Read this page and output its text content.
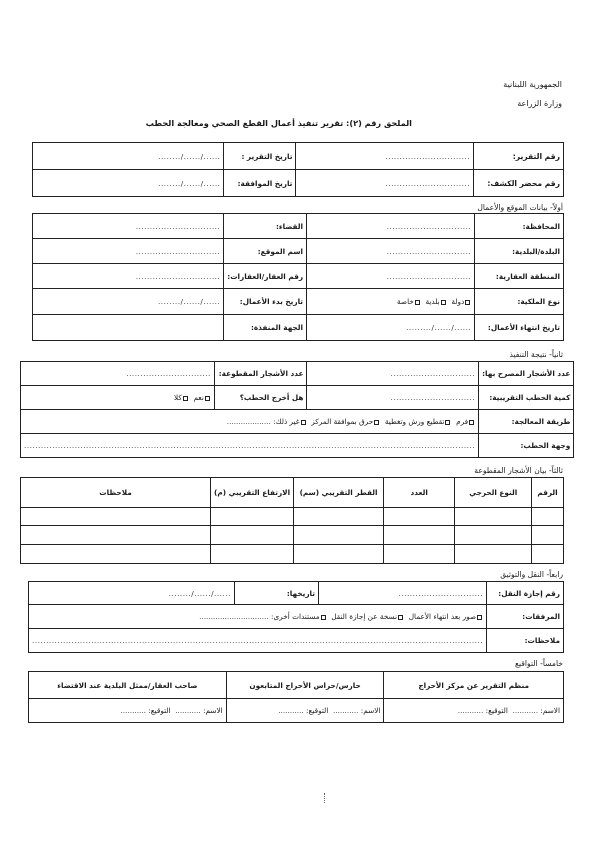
الجمهورية اللبنانية
وزارة الزراعة
الملحق رقم (٢): تقرير تنفيذ أعمال القطع الصحي ومعالجة الحطب
رقم التقرير:	..............................	تاريخ التقرير :	....../....../........
رقم محضر الكشف:	..............................	تاريخ الموافقة:	....../....../........
أولاً- بيانات الموقع والأعمال
المحافظة:	..............................	القضاء:	..............................
البلدة/البلدية:	..............................	اسم الموقع:	..............................
المنطقة العقارية:	..............................	رقم العقار/العقارات:	..............................
نوع الملكية:	دولة  بلدية  خاصة	تاريخ بدء الأعمال:	....../....../........
تاريخ انتهاء الأعمال:	....../....../.........	الجهة المنفذة:	
ثانياً- نتيجة التنفيذ
عدد الأشجار المصرح بها:	..............................	عدد الأشجار المقطوعة:	..............................
كمية الحطب التقريبية:	..............................	هل أخرج الحطب؟	نعم  كلا
طريقة المعالجة:	فرم  تقطيع ورش وتغطية  حرق بموافقة المركز  غير ذلك: ...................		
وجهة الحطب:	................................................................................................................................................................		
ثالثاً- بيان الأشجار المقطوعة
الرقم	النوع الحرجي	العدد	القطر التقريبي (سم)	الارتفاع التقريبي (م)	ملاحظات

رابعاً- النقل والتوثيق
رقم إجازة النقل:	..............................	تاريخها:	....../....../........
المرفقات:	صور بعد انتهاء الأعمال  نسخة عن إجازة النقل  مستندات أخرى: ..............................		
ملاحظات:	................................................................................................................................................................		
خامساً- التواقيع
منظم التقرير عن مركز الأحراج	حارس/حراس الأحراج المتابعون	صاحب العقار/ممثل البلدية عند الاقتضاء
الاسم: ...........  التوقيع: ...........	الاسم: ...........  التوقيع: ...........	الاسم: ...........  التوقيع: ...........
